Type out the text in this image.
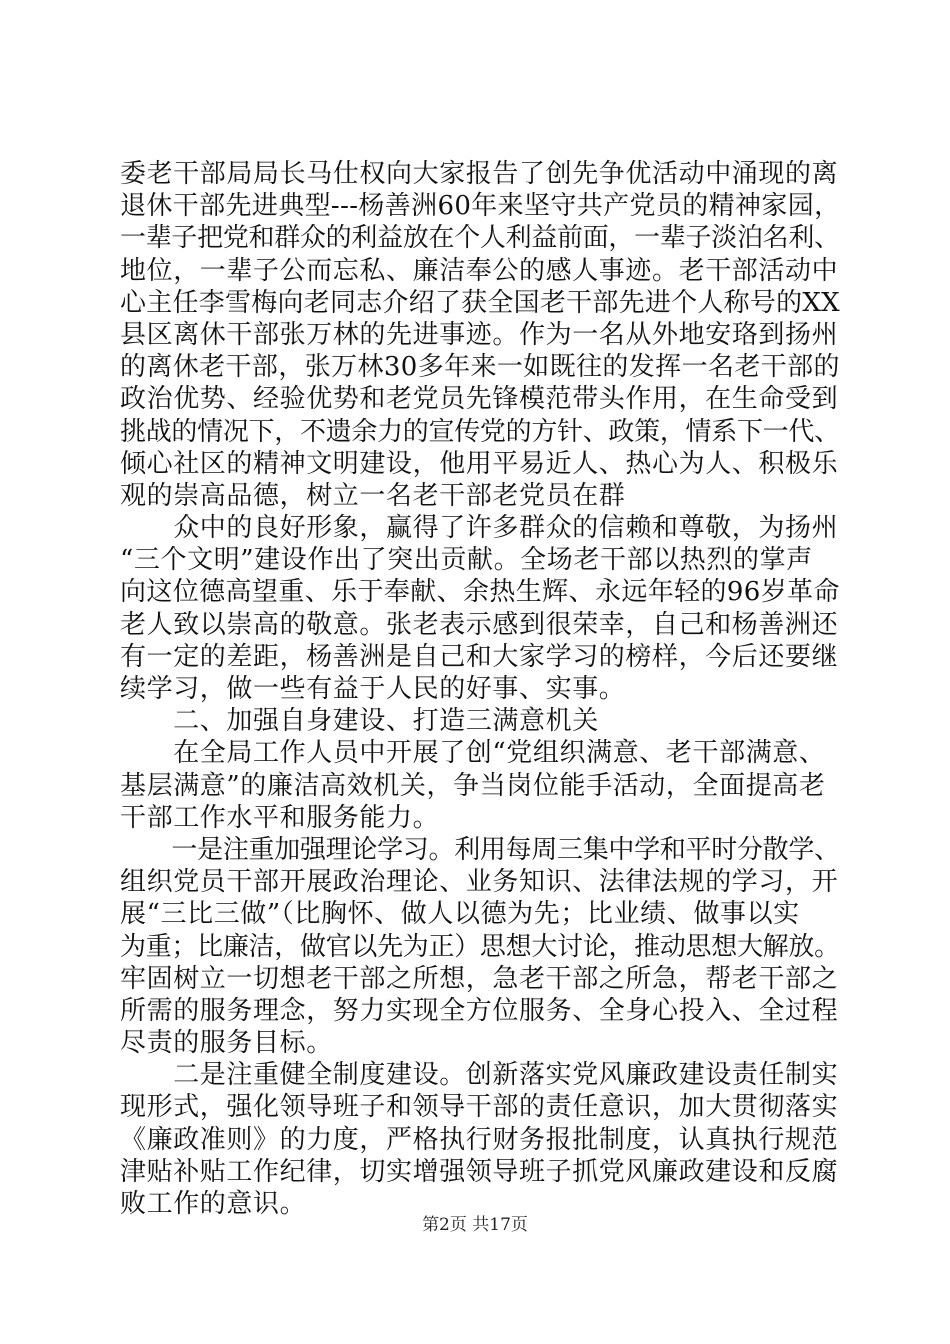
委老干部局局长马仕权向大家报告了创先争优活动中涌现的离
退休干部先进典型---杨善洲60年来坚守共产党员的精神家园，
一辈子把党和群众的利益放在个人利益前面，一辈子淡泊名利、
地位，一辈子公而忘私、廉洁奉公的感人事迹。老干部活动中
心主任李雪梅向老同志介绍了获全国老干部先进个人称号的XX
县区离休干部张万林的先进事迹。作为一名从外地安珞到扬州
的离休老干部，张万林30多年来一如既往的发挥一名老干部的
政治优势、经验优势和老党员先锋模范带头作用，在生命受到
挑战的情况下，不遗余力的宣传党的方针、政策，情系下一代、
倾心社区的精神文明建设，他用平易近人、热心为人、积极乐
观的崇高品德，树立一名老干部老党员在群
　　众中的良好形象，赢得了许多群众的信赖和尊敬，为扬州
“三个文明”建设作出了突出贡献。全场老干部以热烈的掌声
向这位德高望重、乐于奉献、余热生辉、永远年轻的96岁革命
老人致以崇高的敬意。张老表示感到很荣幸，自己和杨善洲还
有一定的差距，杨善洲是自己和大家学习的榜样，今后还要继
续学习，做一些有益于人民的好事、实事。
　　二、加强自身建设、打造三满意机关
　　在全局工作人员中开展了创“党组织满意、老干部满意、
基层满意”的廉洁高效机关，争当岗位能手活动，全面提高老
干部工作水平和服务能力。
　　一是注重加强理论学习。利用每周三集中学和平时分散学、
组织党员干部开展政治理论、业务知识、法律法规的学习，开
展“三比三做”（比胸怀、做人以德为先；比业绩、做事以实
为重；比廉洁，做官以先为正）思想大讨论，推动思想大解放。
牢固树立一切想老干部之所想，急老干部之所急，帮老干部之
所需的服务理念，努力实现全方位服务、全身心投入、全过程
尽责的服务目标。
　　二是注重健全制度建设。创新落实党风廉政建设责任制实
现形式，强化领导班子和领导干部的责任意识，加大贯彻落实
《廉政准则》的力度，严格执行财务报批制度，认真执行规范
津贴补贴工作纪律，切实增强领导班子抓党风廉政建设和反腐
败工作的意识。
第2页 共17页
